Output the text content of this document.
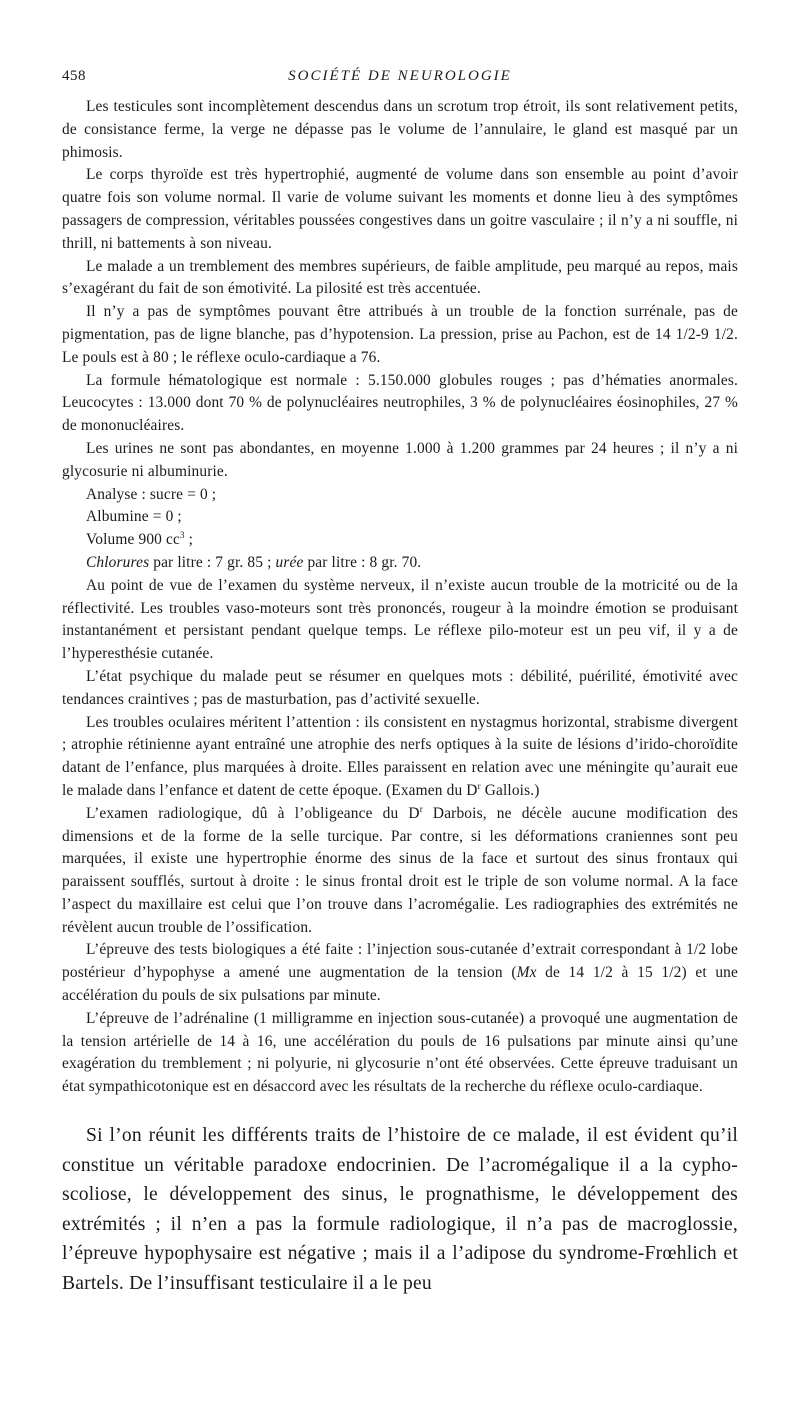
458	SOCIÉTÉ DE NEUROLOGIE

Les testicules sont incomplètement descendus dans un scrotum trop étroit, ils sont relativement petits, de consistance ferme, la verge ne dépasse pas le volume de l’annulaire, le gland est masqué par un phimosis.

Le corps thyroïde est très hypertrophié, augmenté de volume dans son ensemble au point d’avoir quatre fois son volume normal. Il varie de volume suivant les moments et donne lieu à des symptômes passagers de compression, véritables poussées congestives dans un goitre vasculaire ; il n’y a ni souffle, ni thrill, ni battements à son niveau.

Le malade a un tremblement des membres supérieurs, de faible amplitude, peu marqué au repos, mais s’exagérant du fait de son émotivité. La pilosité est très accentuée.

Il n’y a pas de symptômes pouvant être attribués à un trouble de la fonction surrénale, pas de pigmentation, pas de ligne blanche, pas d’hypotension. La pression, prise au Pachon, est de 14 1/2-9 1/2. Le pouls est à 80 ; le réflexe oculo-cardiaque a 76.

La formule hématologique est normale : 5.150.000 globules rouges ; pas d’hématies anormales. Leucocytes : 13.000 dont 70 % de polynucléaires neutrophiles, 3 % de polynucléaires éosinophiles, 27 % de mononucléaires.

Les urines ne sont pas abondantes, en moyenne 1.000 à 1.200 grammes par 24 heures ; il n’y a ni glycosurie ni albuminurie.

Analyse : sucre = 0 ;

Albumine = 0 ;

Volume 900 $cc^3$ ;

Chlorures par litre : 7 gr. 85 ; urée par litre : 8 gr. 70.

Au point de vue de l’examen du système nerveux, il n’existe aucun trouble de la motricité ou de la réflectivité. Les troubles vaso-moteurs sont très prononcés, rougeur à la moindre émotion se produisant instantanément et persistant pendant quelque temps. Le réflexe pilo-moteur est un peu vif, il y a de l’hyperesthésie cutanée.

L’état psychique du malade peut se résumer en quelques mots : débilité, puérilité, émotivité avec tendances craintives ; pas de masturbation, pas d’activité sexuelle.

Les troubles oculaires méritent l’attention : ils consistent en nystagmus horizontal, strabisme divergent ; atrophie rétinienne ayant entraîné une atrophie des nerfs optiques à la suite de lésions d’irido-choroïdite datant de l’enfance, plus marquées à droite. Elles paraissent en relation avec une méningite qu’aurait eue le malade dans l’enfance et datent de cette époque. (Examen du $D^r$ Gallois.)

L’examen radiologique, dû à l’obligeance du $D^r$ Darbois, ne décèle aucune modification des dimensions et de la forme de la selle turcique. Par contre, si les déformations craniennes sont peu marquées, il existe une hypertrophie énorme des sinus de la face et surtout des sinus frontaux qui paraissent soufflés, surtout à droite : le sinus frontal droit est le triple de son volume normal. A la face l’aspect du maxillaire est celui que l’on trouve dans l’acromégalie. Les radiographies des extrémités ne révèlent aucun trouble de l’ossification.

L’épreuve des tests biologiques a été faite : l’injection sous-cutanée d’extrait correspondant à 1/2 lobe postérieur d’hypophyse a amené une augmentation de la tension (Mx de 14 1/2 à 15 1/2) et une accélération du pouls de six pulsations par minute.

L’épreuve de l’adrénaline (1 milligramme en injection sous-cutanée) a provoqué une augmentation de la tension artérielle de 14 à 16, une accélération du pouls de 16 pulsations par minute ainsi qu’une exagération du tremblement ; ni polyurie, ni glycosurie n’ont été observées. Cette épreuve traduisant un état sympathicotonique est en désaccord avec les résultats de la recherche du réflexe oculo-cardiaque.

Si l’on réunit les différents traits de l’histoire de ce malade, il est évident qu’il constitue un véritable paradoxe endocrinien. De l’acromégalique il a la cypho-scoliose, le développement des sinus, le prognathisme, le développement des extrémités ; il n’en a pas la formule radiologique, il n’a pas de macroglossie, l’épreuve hypophysaire est négative ; mais il a l’adipose du syndrome-Frœhlich et Bartels. De l’insuffisant testiculaire il a le peu
